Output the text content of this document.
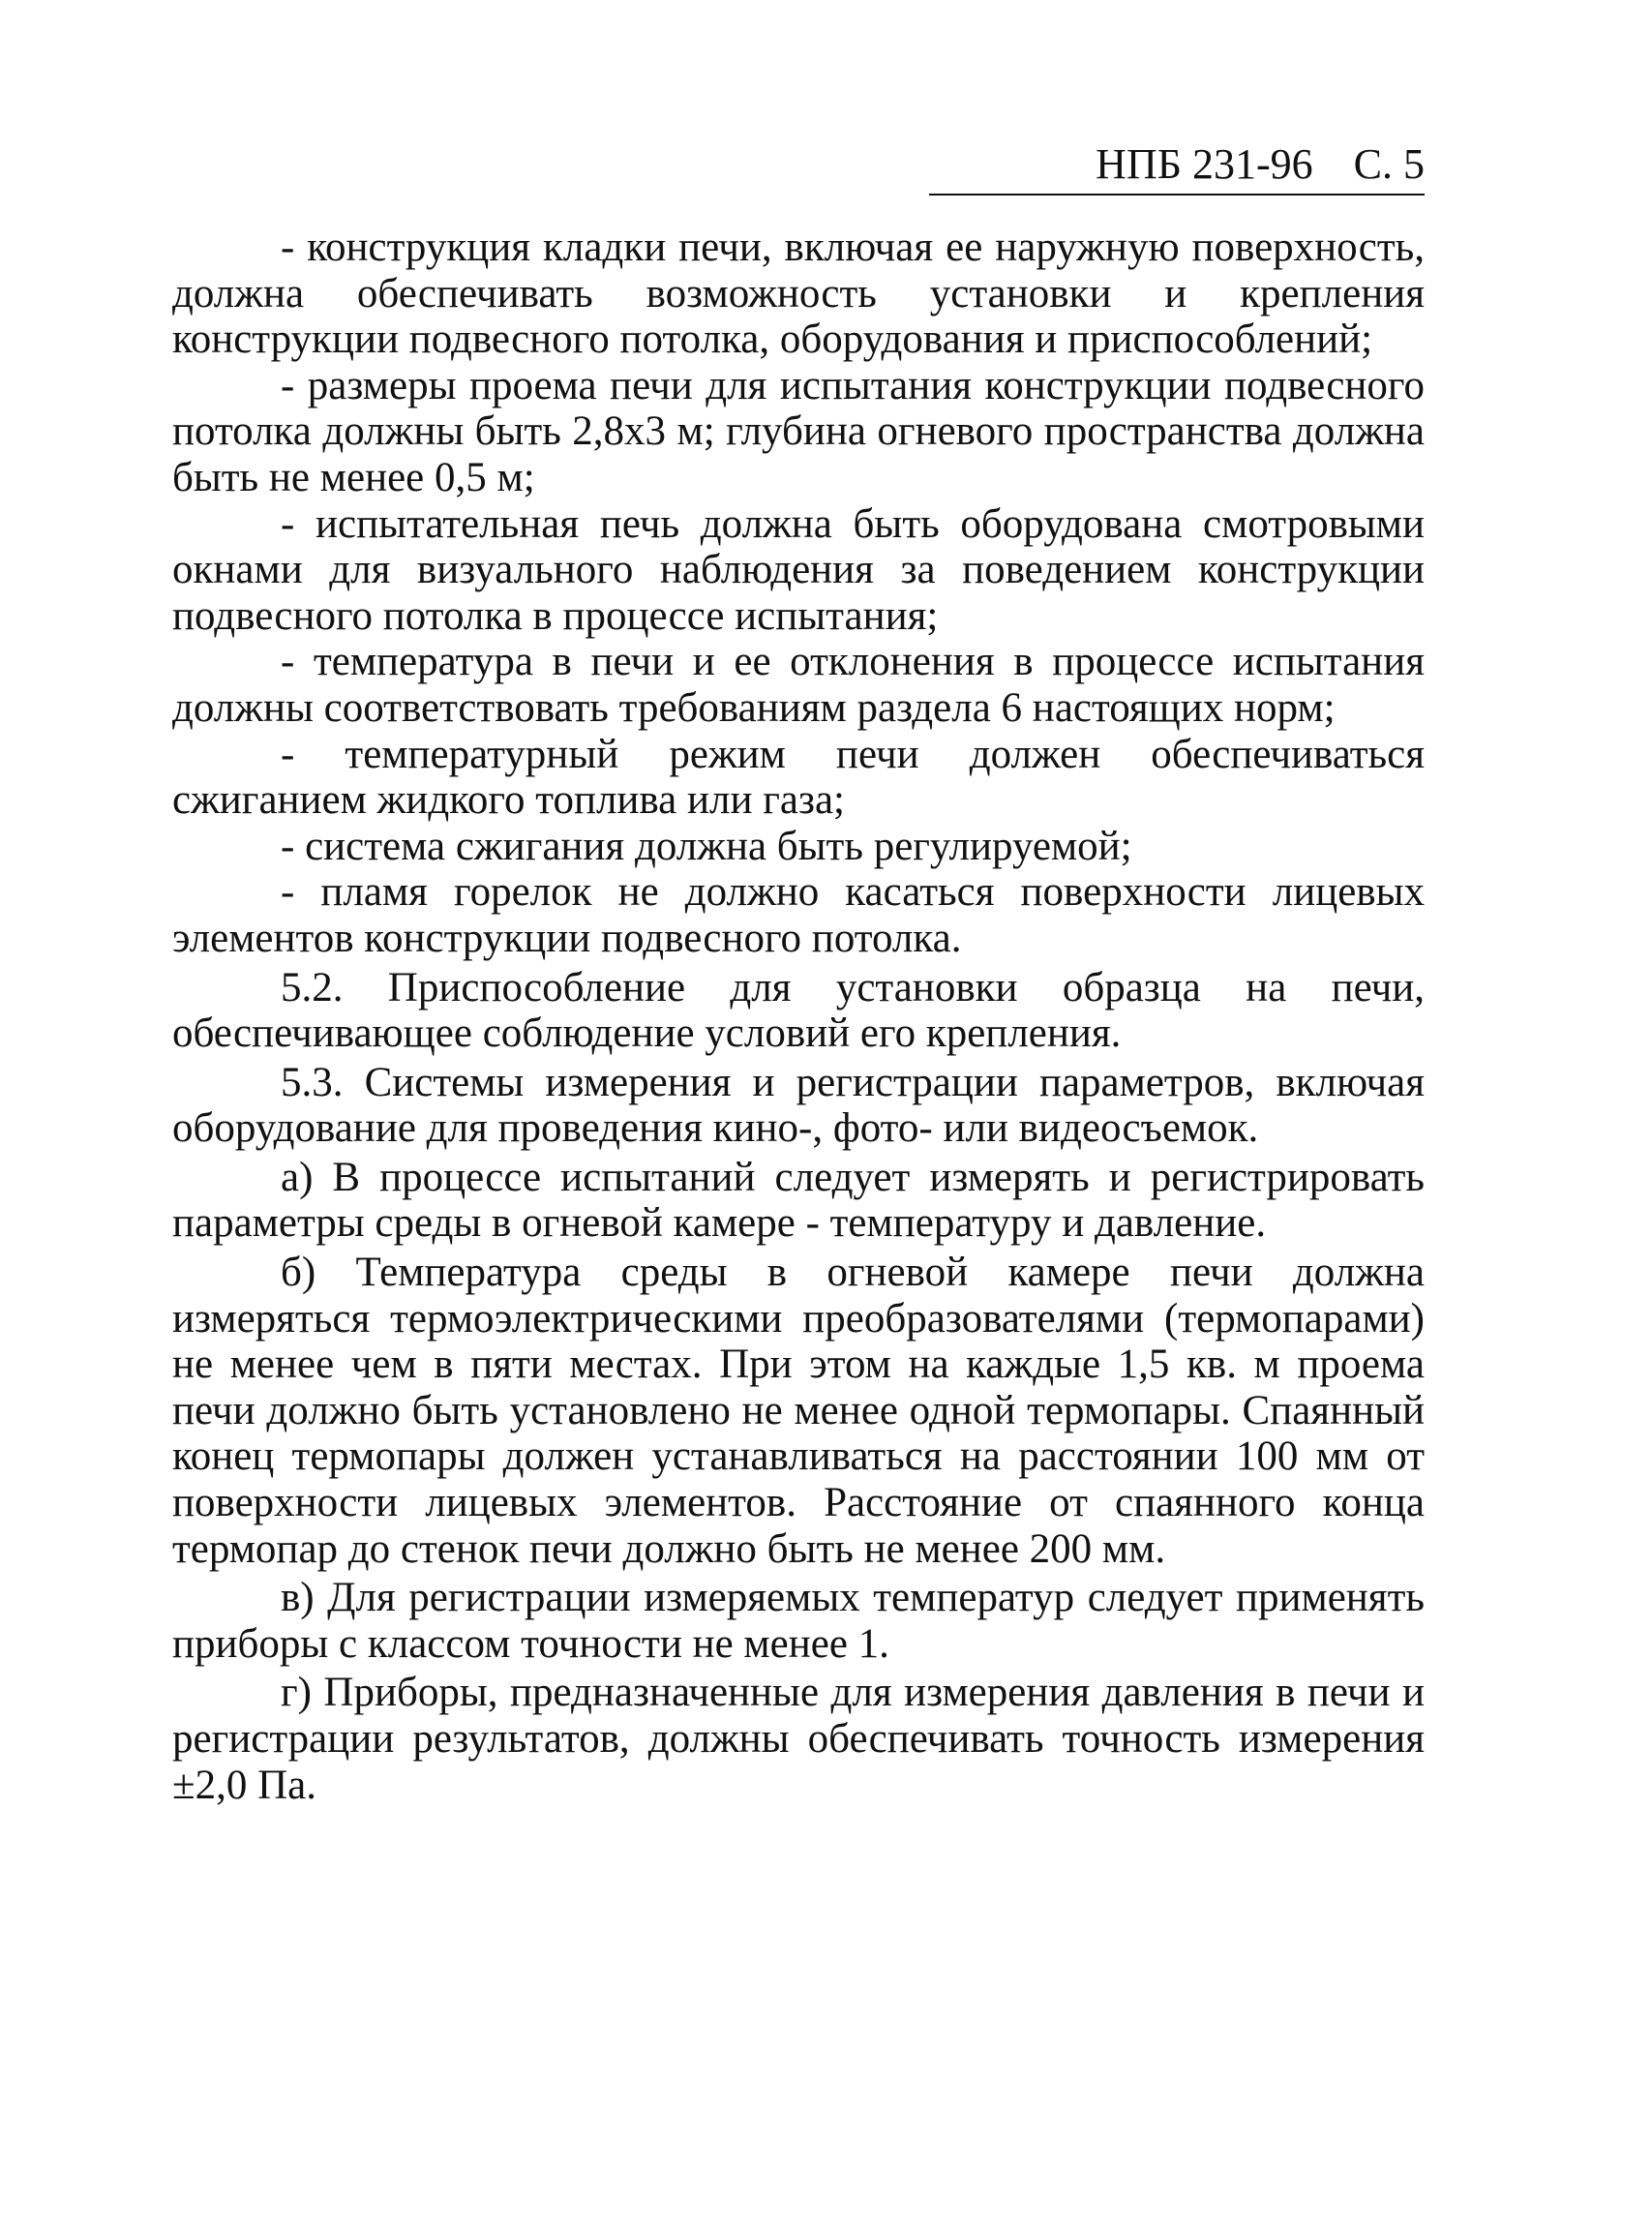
НПБ 231-96 С. 5

- конструкция кладки печи, включая ее наружную поверхность, должна обеспечивать возможность установки и крепления конструкции подвесного потолка, оборудования и приспособлений;

- размеры проема печи для испытания конструкции подвесного потолка должны быть 2,8x3 м; глубина огневого пространства должна быть не менее 0,5 м;

- испытательная печь должна быть оборудована смотровыми окнами для визуального наблюдения за поведением конструкции подвесного потолка в процессе испытания;

- температура в печи и ее отклонения в процессе испытания должны соответствовать требованиям раздела 6 настоящих норм;

- температурный режим печи должен обеспечиваться сжиганием жидкого топлива или газа;

- система сжигания должна быть регулируемой;

- пламя горелок не должно касаться поверхности лицевых элементов конструкции подвесного потолка.

5.2. Приспособление для установки образца на печи, обеспечивающее соблюдение условий его крепления.

5.3. Системы измерения и регистрации параметров, включая оборудование для проведения кино-, фото- или видеосъемок.

а) В процессе испытаний следует измерять и регистрировать параметры среды в огневой камере - температуру и давление.

б) Температура среды в огневой камере печи должна измеряться термоэлектрическими преобразователями (термопарами) не менее чем в пяти местах. При этом на каждые 1,5 кв. м проема печи должно быть установлено не менее одной термопары. Спаянный конец термопары должен устанавливаться на расстоянии 100 мм от поверхности лицевых элементов. Расстояние от спаянного конца термопар до стенок печи должно быть не менее 200 мм.

в) Для регистрации измеряемых температур следует применять приборы с классом точности не менее 1.

г) Приборы, предназначенные для измерения давления в печи и регистрации результатов, должны обеспечивать точность измерения ±2,0 Па.
